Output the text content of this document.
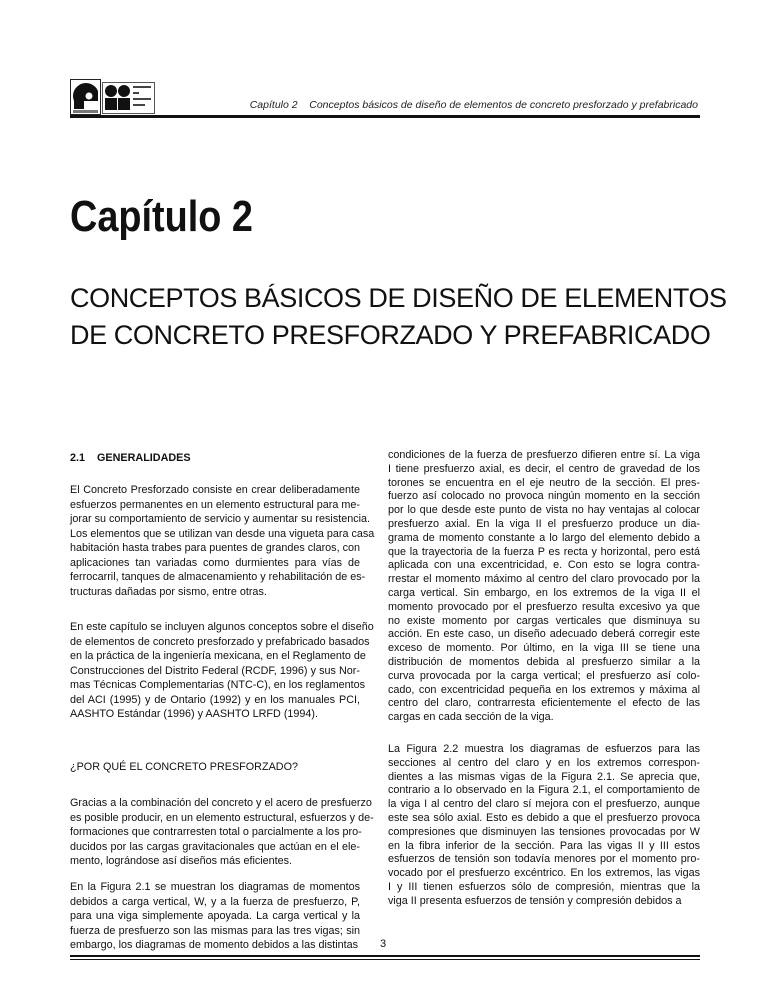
Capítulo 2    Conceptos básicos de diseño de elementos de concreto presforzado y prefabricado
Capítulo 2
CONCEPTOS BÁSICOS DE DISEÑO DE ELEMENTOS
DE CONCRETO PRESFORZADO Y PREFABRICADO
2.1    GENERALIDADES
El Concreto Presforzado consiste en crear deliberadamente
esfuerzos permanentes en un elemento estructural para me-
jorar su comportamiento de servicio y aumentar su resistencia.
Los elementos que se utilizan van desde una vigueta para casa
habitación hasta trabes para puentes de grandes claros, con
aplicaciones tan variadas como durmientes para vías de
ferrocarril, tanques de almacenamiento y rehabilitación de es-
tructuras dañadas por sismo, entre otras.
En este capítulo se incluyen algunos conceptos sobre el diseño
de elementos de concreto presforzado y prefabricado basados
en la práctica de la ingeniería mexicana, en el Reglamento de
Construcciones del Distrito Federal (RCDF, 1996) y sus Nor-
mas Técnicas Complementarias (NTC-C), en los reglamentos
del ACI (1995) y de Ontario (1992) y en los manuales PCI,
AASHTO Estándar (1996) y AASHTO LRFD (1994).
¿POR QUÉ EL CONCRETO PRESFORZADO?
Gracias a la combinación del concreto y el acero de presfuerzo
es posible producir, en un elemento estructural, esfuerzos y de-
formaciones que contrarresten total o parcialmente a los pro-
ducidos por las cargas gravitacionales que actúan en el ele-
mento, lográndose así diseños más eficientes.
En la Figura 2.1 se muestran los diagramas de momentos
debidos a carga vertical, W, y a la fuerza de presfuerzo, P,
para una viga simplemente apoyada. La carga vertical y la
fuerza de presfuerzo son las mismas para las tres vigas; sin
embargo, los diagramas de momento debidos a las distintas
condiciones de la fuerza de presfuerzo difieren entre sí. La viga
I tiene presfuerzo axial, es decir, el centro de gravedad de los
torones se encuentra en el eje neutro de la sección. El pres-
fuerzo así colocado no provoca ningún momento en la sección
por lo que desde este punto de vista no hay ventajas al colocar
presfuerzo axial. En la viga II el presfuerzo produce un dia-
grama de momento constante a lo largo del elemento debido a
que la trayectoria de la fuerza P es recta y horizontal, pero está
aplicada con una excentricidad, e. Con esto se logra contra-
rrestar el momento máximo al centro del claro provocado por la
carga vertical. Sin embargo, en los extremos de la viga II el
momento provocado por el presfuerzo resulta excesivo ya que
no existe momento por cargas verticales que disminuya su
acción. En este caso, un diseño adecuado deberá corregir este
exceso de momento. Por último, en la viga III se tiene una
distribución de momentos debida al presfuerzo similar a la
curva provocada por la carga vertical; el presfuerzo así colo-
cado, con excentricidad pequeña en los extremos y máxima al
centro del claro, contrarresta eficientemente el efecto de las
cargas en cada sección de la viga.
La Figura 2.2 muestra los diagramas de esfuerzos para las
secciones al centro del claro y en los extremos correspon-
dientes a las mismas vigas de la Figura 2.1. Se aprecia que,
contrario a lo observado en la Figura 2.1, el comportamiento de
la viga I al centro del claro sí mejora con el presfuerzo, aunque
este sea sólo axial. Esto es debido a que el presfuerzo provoca
compresiones que disminuyen las tensiones provocadas por W
en la fibra inferior de la sección. Para las vigas II y III estos
esfuerzos de tensión son todavía menores por el momento pro-
vocado por el presfuerzo excéntrico. En los extremos, las vigas
I y III tienen esfuerzos sólo de compresión, mientras que la
viga II presenta esfuerzos de tensión y compresión debidos a
3
